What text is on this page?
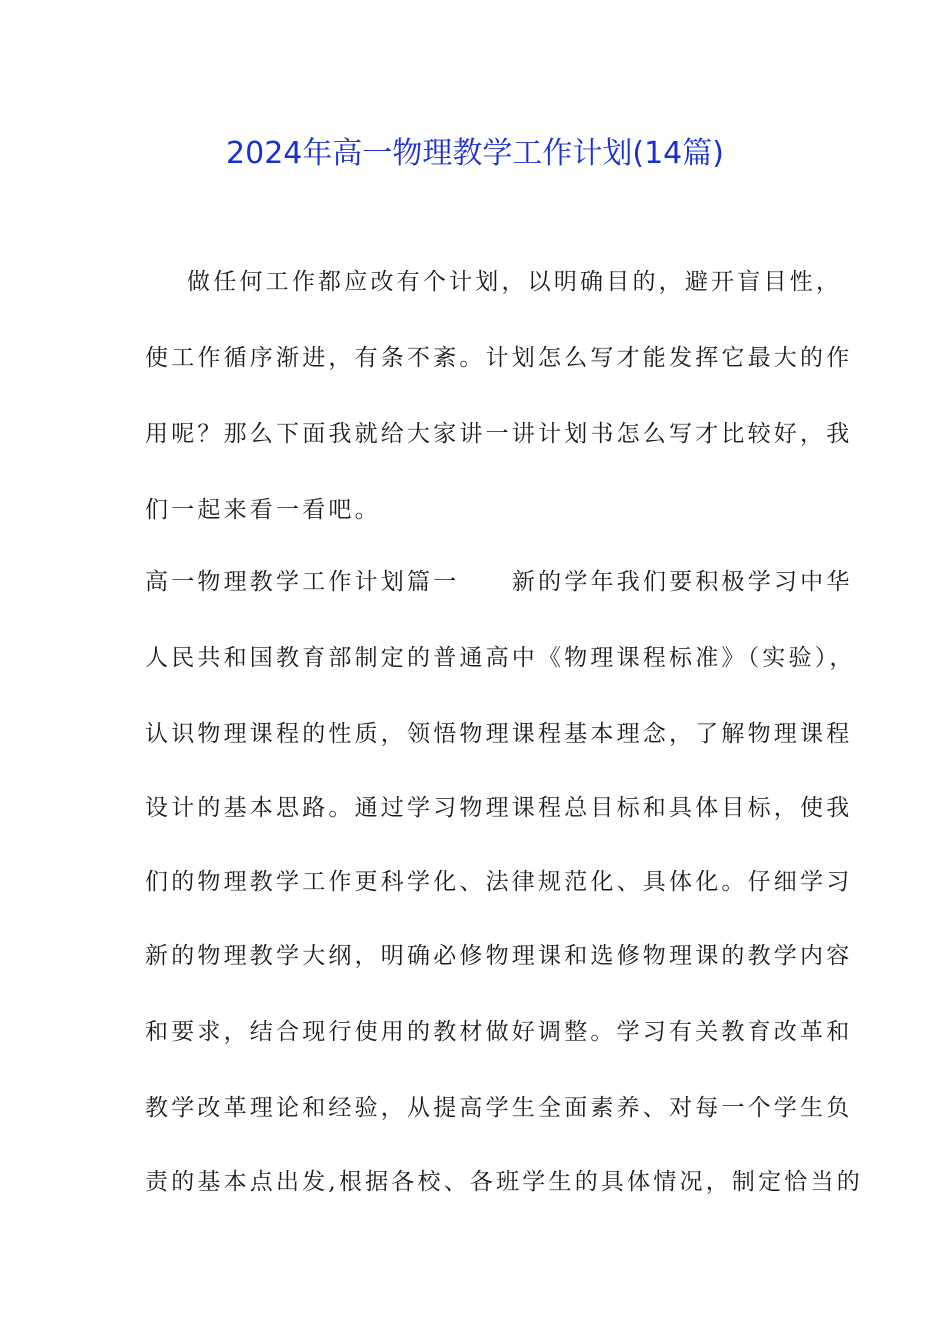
2024年高一物理教学工作计划(14篇)
做任何工作都应改有个计划，以明确目的，避开盲目性，
使工作循序渐进，有条不紊。计划怎么写才能发挥它最大的作
用呢？那么下面我就给大家讲一讲计划书怎么写才比较好，我
们一起来看一看吧。
高一物理教学工作计划篇一     新的学年我们要积极学习中华
人民共和国教育部制定的普通高中《物理课程标准》（实验），
认识物理课程的性质，领悟物理课程基本理念，了解物理课程
设计的基本思路。通过学习物理课程总目标和具体目标，使我
们的物理教学工作更科学化、法律规范化、具体化。仔细学习
新的物理教学大纲，明确必修物理课和选修物理课的教学内容
和要求，结合现行使用的教材做好调整。学习有关教育改革和
教学改革理论和经验，从提高学生全面素养、对每一个学生负
责的基本点出发,根据各校、各班学生的具体情况，制定恰当的
